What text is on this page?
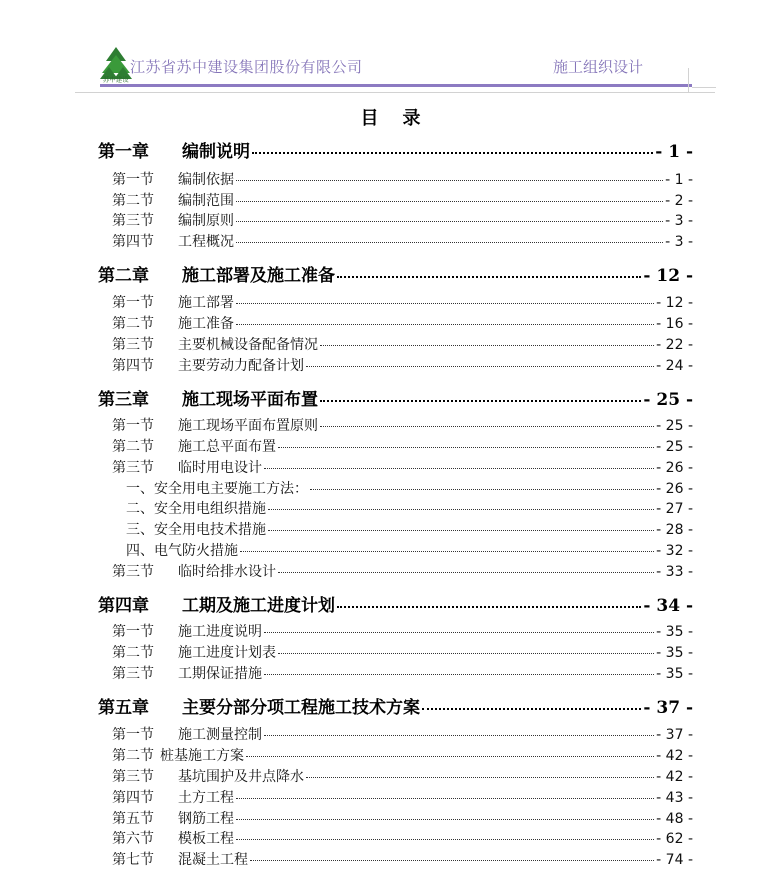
苏中建设
江苏省苏中建设集团股份有限公司	施工组织设计
目录
第一章	编制说明	- 1 -
第一节	编制依据	- 1 -
第二节	编制范围	- 2 -
第三节	编制原则	- 3 -
第四节	工程概况	- 3 -
第二章	施工部署及施工准备	- 12 -
第一节	施工部署	- 12 -
第二节	施工准备	- 16 -
第三节	主要机械设备配备情况	- 22 -
第四节	主要劳动力配备计划	- 24 -
第三章	施工现场平面布置	- 25 -
第一节	施工现场平面布置原则	- 25 -
第二节	施工总平面布置	- 25 -
第三节	临时用电设计	- 26 -
一、安全用电主要施工方法：	- 26 -
二、安全用电组织措施	- 27 -
三、安全用电技术措施	- 28 -
四、电气防火措施	- 32 -
第三节	临时给排水设计	- 33 -
第四章	工期及施工进度计划	- 34 -
第一节	施工进度说明	- 35 -
第二节	施工进度计划表	- 35 -
第三节	工期保证措施	- 35 -
第五章	主要分部分项工程施工技术方案	- 37 -
第一节	施工测量控制	- 37 -
第二节 桩基施工方案	- 42 -
第三节	基坑围护及井点降水	- 42 -
第四节	土方工程	- 43 -
第五节	钢筋工程	- 48 -
第六节	模板工程	- 62 -
第七节	混凝土工程	- 74 -
